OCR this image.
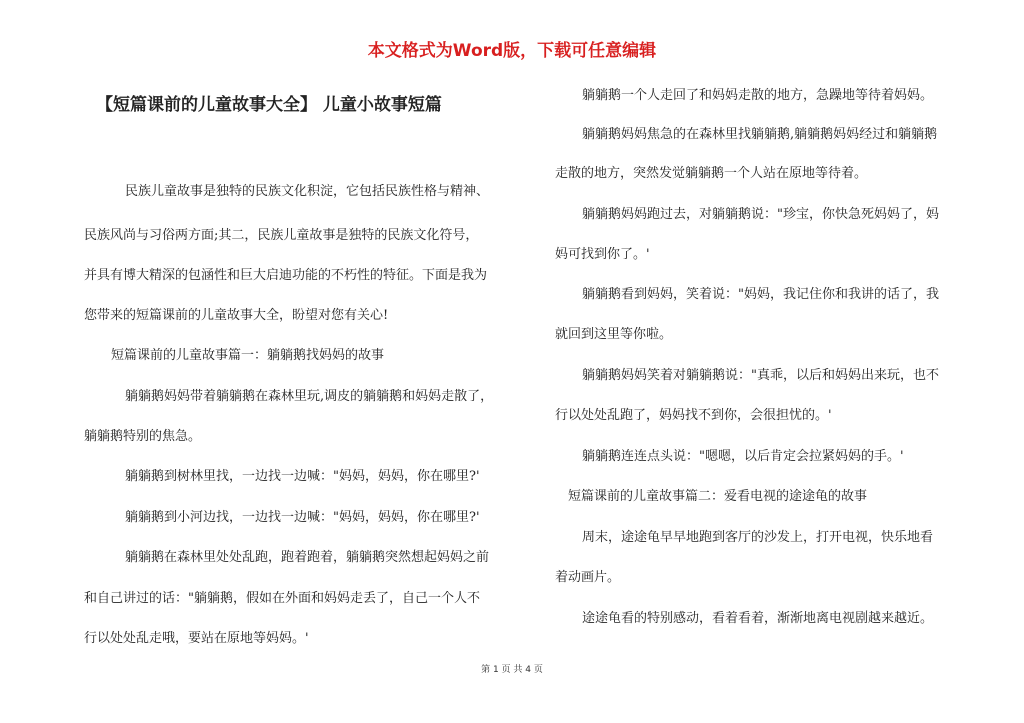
本文格式为Word版，下载可任意编辑
【短篇课前的儿童故事大全】 儿童小故事短篇
民族儿童故事是独特的民族文化积淀，它包括民族性格与精神、
民族风尚与习俗两方面;其二，民族儿童故事是独特的民族文化符号，
并具有博大精深的包涵性和巨大启迪功能的不朽性的特征。下面是我为
您带来的短篇课前的儿童故事大全，盼望对您有关心!
短篇课前的儿童故事篇一：躺躺鹅找妈妈的故事
躺躺鹅妈妈带着躺躺鹅在森林里玩,调皮的躺躺鹅和妈妈走散了，
躺躺鹅特别的焦急。
躺躺鹅到树林里找，一边找一边喊："妈妈，妈妈，你在哪里?'
躺躺鹅到小河边找，一边找一边喊："妈妈，妈妈，你在哪里?'
躺躺鹅在森林里处处乱跑，跑着跑着，躺躺鹅突然想起妈妈之前
和自己讲过的话："躺躺鹅，假如在外面和妈妈走丢了，自己一个人不
行以处处乱走哦，要站在原地等妈妈。'
躺躺鹅一个人走回了和妈妈走散的地方，急躁地等待着妈妈。
躺躺鹅妈妈焦急的在森林里找躺躺鹅,躺躺鹅妈妈经过和躺躺鹅
走散的地方，突然发觉躺躺鹅一个人站在原地等待着。
躺躺鹅妈妈跑过去，对躺躺鹅说："珍宝，你快急死妈妈了，妈
妈可找到你了。'
躺躺鹅看到妈妈，笑着说："妈妈，我记住你和我讲的话了，我
就回到这里等你啦。
躺躺鹅妈妈笑着对躺躺鹅说："真乖，以后和妈妈出来玩，也不
行以处处乱跑了，妈妈找不到你，会很担忧的。'
躺躺鹅连连点头说："嗯嗯，以后肯定会拉紧妈妈的手。'
短篇课前的儿童故事篇二：爱看电视的途途龟的故事
周末，途途龟早早地跑到客厅的沙发上，打开电视，快乐地看
着动画片。
途途龟看的特别感动，看着看着，渐渐地离电视剧越来越近。
第 1 页 共 4 页
